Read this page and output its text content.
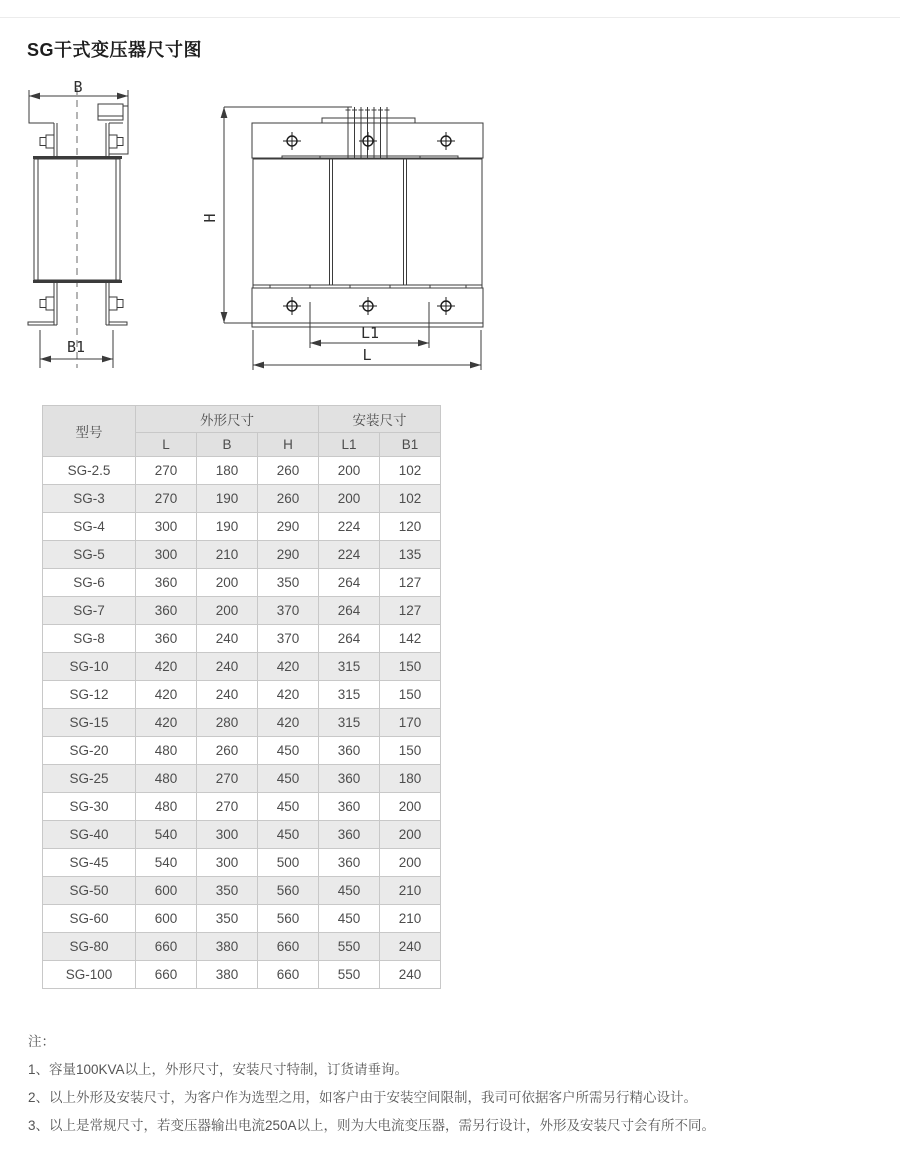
SG干式变压器尺寸图
B
B1
H
L1
L
型号	外形尺寸			安装尺寸	
	L	B	H	L1	B1
SG-2.5	270	180	260	200	102
SG-3	270	190	260	200	102
SG-4	300	190	290	224	120
SG-5	300	210	290	224	135
SG-6	360	200	350	264	127
SG-7	360	200	370	264	127
SG-8	360	240	370	264	142
SG-10	420	240	420	315	150
SG-12	420	240	420	315	150
SG-15	420	280	420	315	170
SG-20	480	260	450	360	150
SG-25	480	270	450	360	180
SG-30	480	270	450	360	200
SG-40	540	300	450	360	200
SG-45	540	300	500	360	200
SG-50	600	350	560	450	210
SG-60	600	350	560	450	210
SG-80	660	380	660	550	240
SG-100	660	380	660	550	240
注：
1、容量100KVA以上，外形尺寸，安装尺寸特制，订货请垂询。
2、以上外形及安装尺寸，为客户作为选型之用，如客户由于安装空间限制，我司可依据客户所需另行精心设计。
3、以上是常规尺寸，若变压器输出电流250A以上，则为大电流变压器，需另行设计，外形及安装尺寸会有所不同。
